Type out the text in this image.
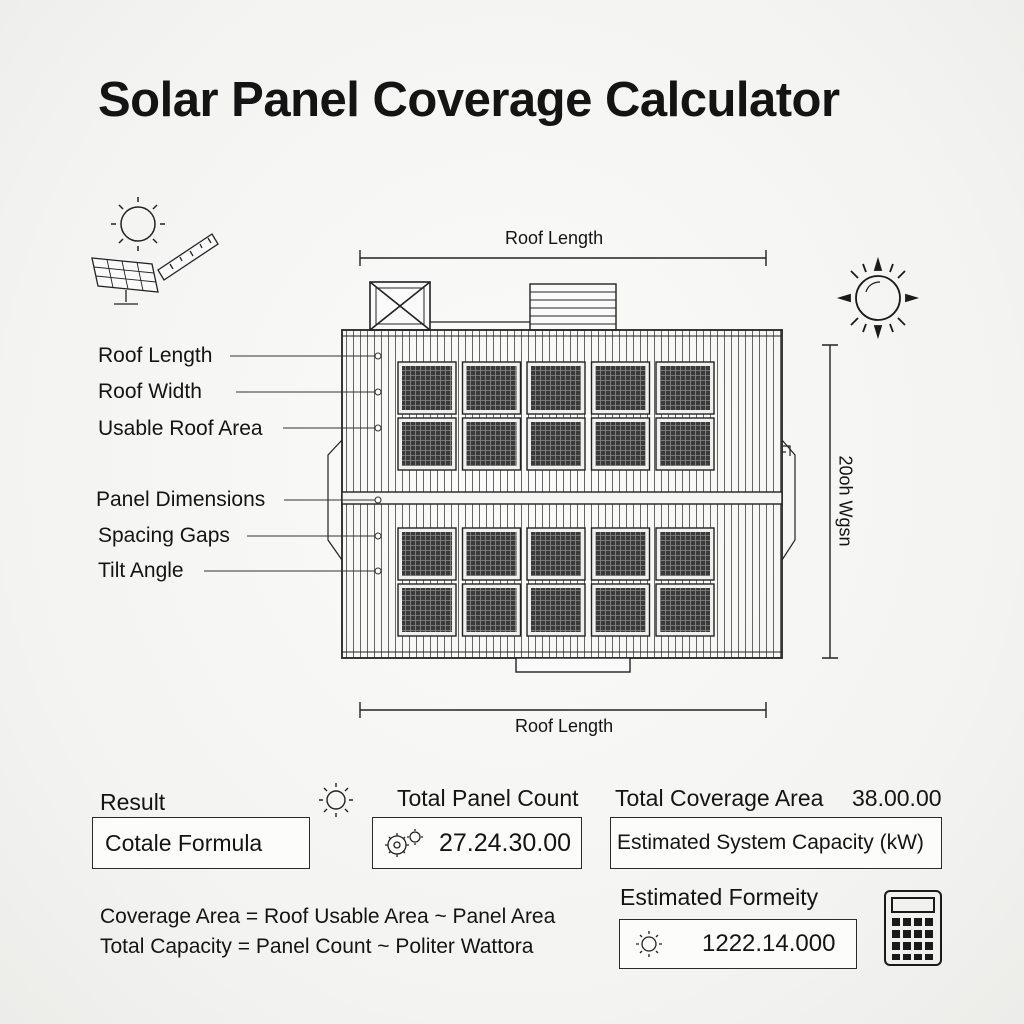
Solar Panel Coverage Calculator
Roof Length
Roof Length
20oh Wgsn
Roof Length
Roof Width
Usable Roof Area
Panel Dimensions
Spacing Gaps
Tilt Angle
Result
Cotale Formula
Total Panel Count
27.24.30.00
Total Coverage Area 38.00.00
Estimated System Capacity (kW)
Estimated Formeity
1222.14.000
Coverage Area = Roof Usable Area ~ Panel Area
Total Capacity = Panel Count ~ Politer Wattora
